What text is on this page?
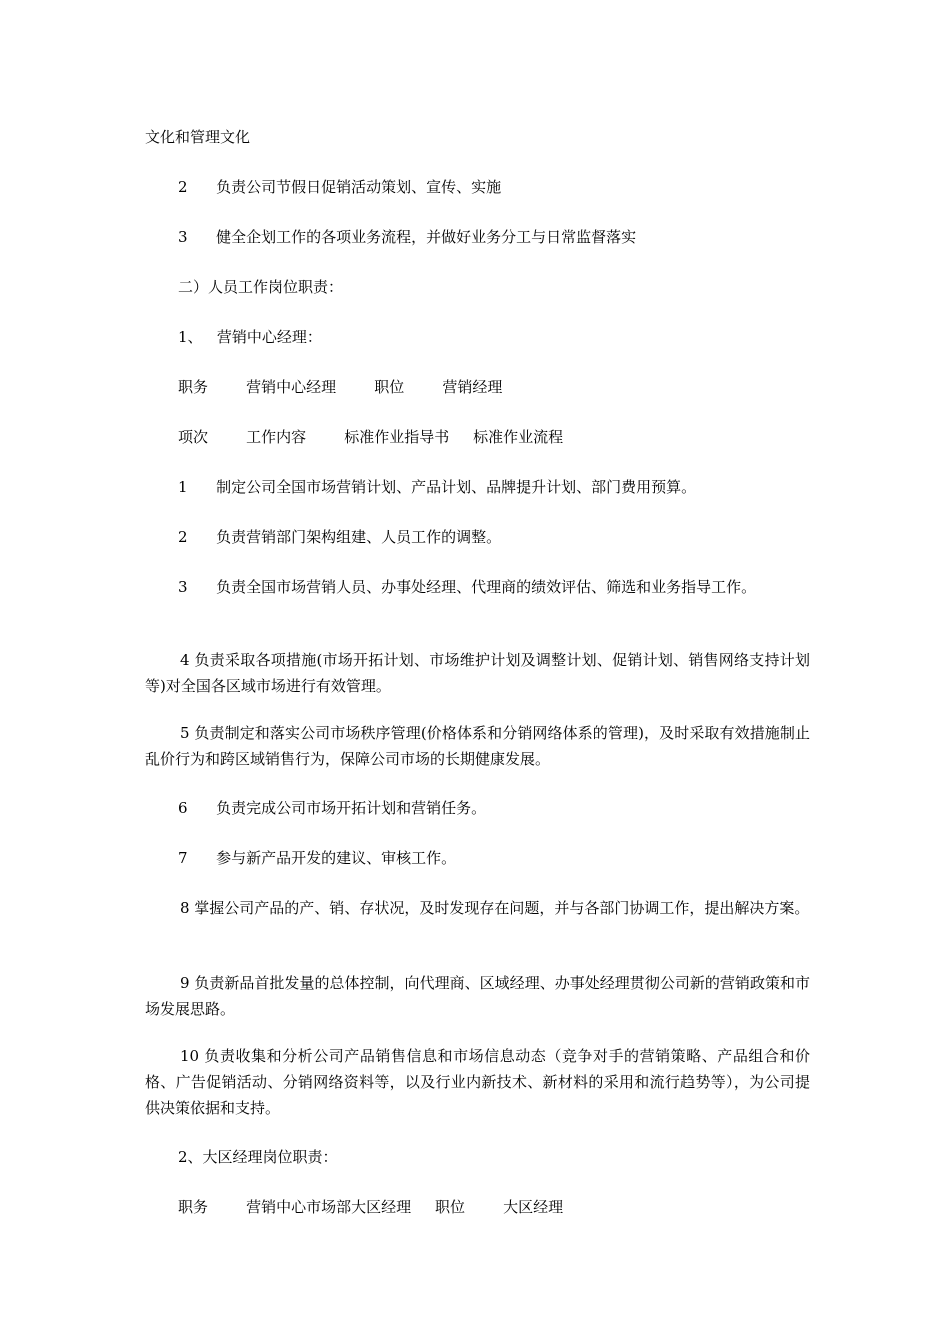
文化和管理文化

2      负责公司节假日促销活动策划、宣传、实施

3      健全企划工作的各项业务流程，并做好业务分工与日常监督落实

二）人员工作岗位职责：

1、   营销中心经理：

职务        营销中心经理        职位        营销经理

项次        工作内容        标准作业指导书     标准作业流程

1      制定公司全国市场营销计划、产品计划、品牌提升计划、部门费用预算。

2      负责营销部门架构组建、人员工作的调整。

3      负责全国市场营销人员、办事处经理、代理商的绩效评估、筛选和业务指导工作。

4 负责采取各项措施(市场开拓计划、市场维护计划及调整计划、促销计划、销售网络支持计划等)对全国各区域市场进行有效管理。

5 负责制定和落实公司市场秩序管理(价格体系和分销网络体系的管理)，及时采取有效措施制止乱价行为和跨区域销售行为，保障公司市场的长期健康发展。

6      负责完成公司市场开拓计划和营销任务。

7      参与新产品开发的建议、审核工作。

8 掌握公司产品的产、销、存状况，及时发现存在问题，并与各部门协调工作，提出解决方案。

9 负责新品首批发量的总体控制，向代理商、区域经理、办事处经理贯彻公司新的营销政策和市场发展思路。

10 负责收集和分析公司产品销售信息和市场信息动态（竞争对手的营销策略、产品组合和价格、广告促销活动、分销网络资料等，以及行业内新技术、新材料的采用和流行趋势等），为公司提供决策依据和支持。

2、大区经理岗位职责：

职务        营销中心市场部大区经理     职位        大区经理
